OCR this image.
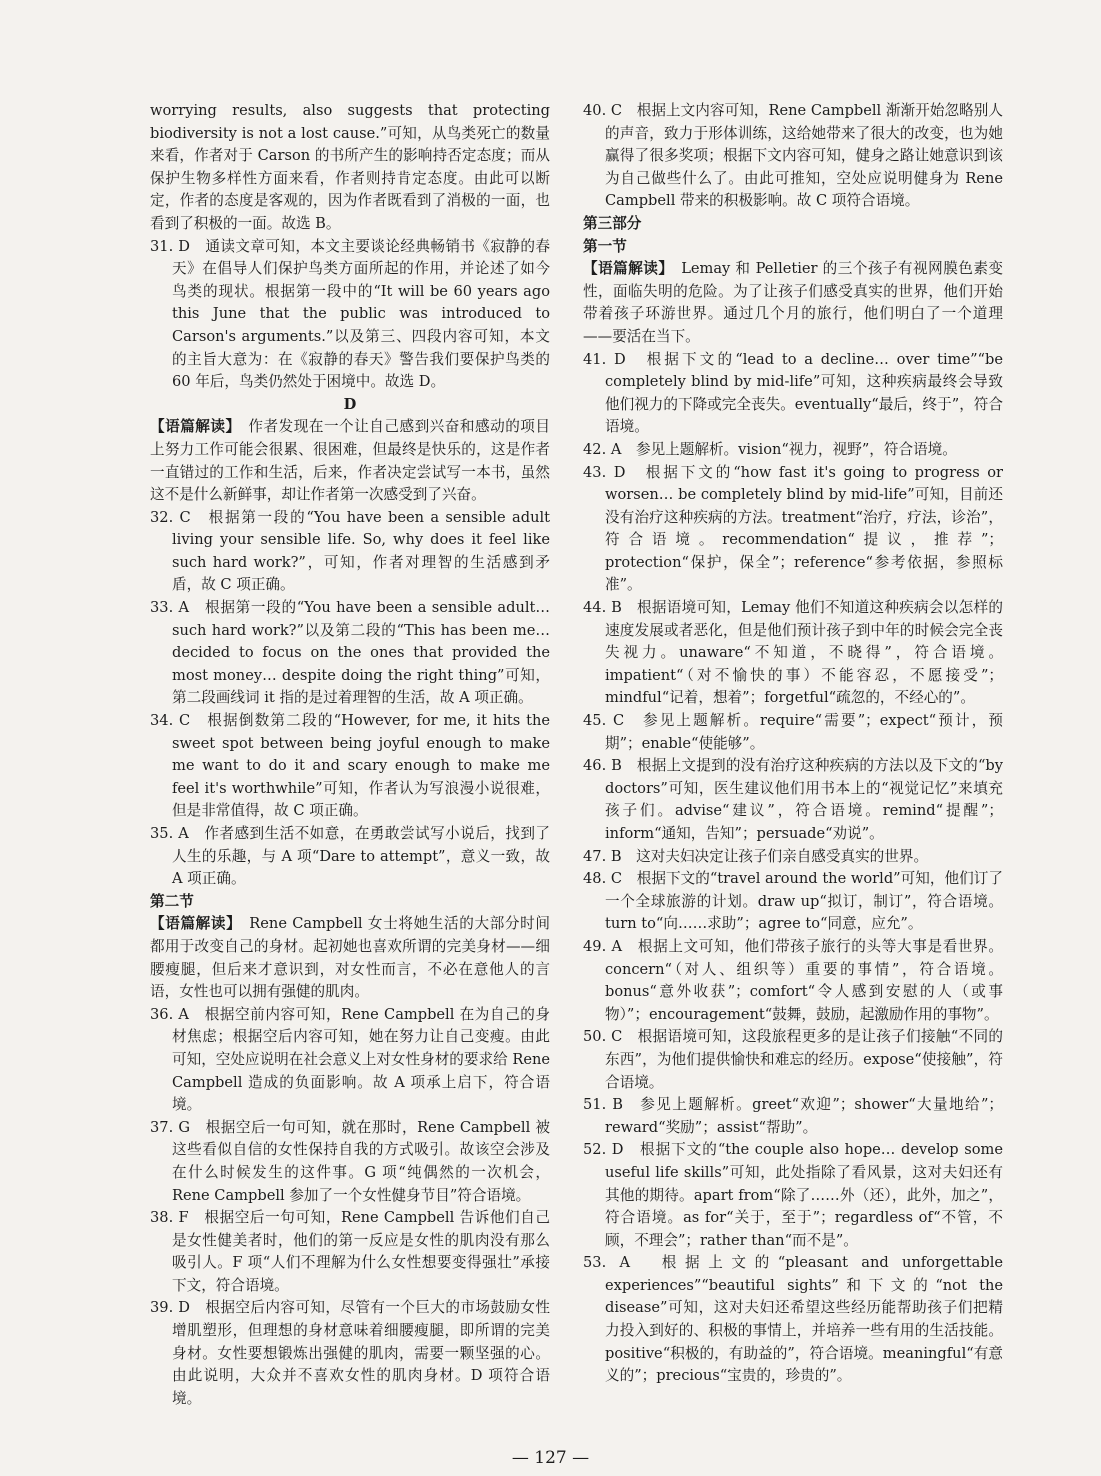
worrying results, also suggests that protecting biodiversity is not a lost cause.”可知，从鸟类死亡的数量来看，作者对于 Carson 的书所产生的影响持否定态度；而从保护生物多样性方面来看，作者则持肯定态度。由此可以断定，作者的态度是客观的，因为作者既看到了消极的一面，也看到了积极的一面。故选 B。

31. D　通读文章可知，本文主要谈论经典畅销书《寂静的春天》在倡导人们保护鸟类方面所起的作用，并论述了如今鸟类的现状。根据第一段中的“It will be 60 years ago this June that the public was introduced to Carson's arguments.”以及第三、四段内容可知，本文的主旨大意为：在《寂静的春天》警告我们要保护鸟类的 60 年后，鸟类仍然处于困境中。故选 D。

D

【语篇解读】　作者发现在一个让自己感到兴奋和感动的项目上努力工作可能会很累、很困难，但最终是快乐的，这是作者一直错过的工作和生活，后来，作者决定尝试写一本书，虽然这不是什么新鲜事，却让作者第一次感受到了兴奋。

32. C　根据第一段的“You have been a sensible adult living your sensible life. So, why does it feel like such hard work?”，可知，作者对理智的生活感到矛盾，故 C 项正确。

33. A　根据第一段的“You have been a sensible adult… such hard work?”以及第二段的“This has been me… decided to focus on the ones that provided the most money… despite doing the right thing”可知，第二段画线词 it 指的是过着理智的生活，故 A 项正确。

34. C　根据倒数第二段的“However, for me, it hits the sweet spot between being joyful enough to make me want to do it and scary enough to make me feel it's worthwhile”可知，作者认为写浪漫小说很难，但是非常值得，故 C 项正确。

35. A　作者感到生活不如意，在勇敢尝试写小说后，找到了人生的乐趣，与 A 项“Dare to attempt”，意义一致，故 A 项正确。

第二节

【语篇解读】　Rene Campbell 女士将她生活的大部分时间都用于改变自己的身材。起初她也喜欢所谓的完美身材——细腰瘦腿，但后来才意识到，对女性而言，不必在意他人的言语，女性也可以拥有强健的肌肉。

36. A　根据空前内容可知，Rene Campbell 在为自己的身材焦虑；根据空后内容可知，她在努力让自己变瘦。由此可知，空处应说明在社会意义上对女性身材的要求给 Rene Campbell 造成的负面影响。故 A 项承上启下，符合语境。

37. G　根据空后一句可知，就在那时，Rene Campbell 被这些看似自信的女性保持自我的方式吸引。故该空会涉及在什么时候发生的这件事。G 项“纯偶然的一次机会，Rene Campbell 参加了一个女性健身节目”符合语境。

38. F　根据空后一句可知，Rene Campbell 告诉他们自己是女性健美者时，他们的第一反应是女性的肌肉没有那么吸引人。F 项“人们不理解为什么女性想要变得强壮”承接下文，符合语境。

39. D　根据空后内容可知，尽管有一个巨大的市场鼓励女性增肌塑形，但理想的身材意味着细腰瘦腿，即所谓的完美身材。女性要想锻炼出强健的肌肉，需要一颗坚强的心。由此说明，大众并不喜欢女性的肌肉身材。D 项符合语境。

40. C　根据上文内容可知，Rene Campbell 渐渐开始忽略别人的声音，致力于形体训练，这给她带来了很大的改变，也为她赢得了很多奖项；根据下文内容可知，健身之路让她意识到该为自己做些什么了。由此可推知，空处应说明健身为 Rene Campbell 带来的积极影响。故 C 项符合语境。

第三部分

第一节

【语篇解读】　Lemay 和 Pelletier 的三个孩子有视网膜色素变性，面临失明的危险。为了让孩子们感受真实的世界，他们开始带着孩子环游世界。通过几个月的旅行，他们明白了一个道理——要活在当下。

41. D　根据下文的“lead to a decline… over time”“be completely blind by mid-life”可知，这种疾病最终会导致他们视力的下降或完全丧失。eventually“最后，终于”，符合语境。

42. A　参见上题解析。vision“视力，视野”，符合语境。

43. D　根据下文的“how fast it's going to progress or worsen… be completely blind by mid-life”可知，目前还没有治疗这种疾病的方法。treatment“治疗，疗法，诊治”，符合语境。recommendation“提议，推荐”；protection“保护，保全”；reference“参考依据，参照标准”。

44. B　根据语境可知，Lemay 他们不知道这种疾病会以怎样的速度发展或者恶化，但是他们预计孩子到中年的时候会完全丧失视力。unaware“不知道，不晓得”，符合语境。impatient“（对不愉快的事）不能容忍，不愿接受”；mindful“记着，想着”；forgetful“疏忽的，不经心的”。

45. C　参见上题解析。require“需要”；expect“预计，预期”；enable“使能够”。

46. B　根据上文提到的没有治疗这种疾病的方法以及下文的“by doctors”可知，医生建议他们用书本上的“视觉记忆”来填充孩子们。advise“建议”，符合语境。remind“提醒”；inform“通知，告知”；persuade“劝说”。

47. B　这对夫妇决定让孩子们亲自感受真实的世界。

48. C　根据下文的“travel around the world”可知，他们订了一个全球旅游的计划。draw up“拟订，制订”，符合语境。turn to“向……求助”；agree to“同意，应允”。

49. A　根据上文可知，他们带孩子旅行的头等大事是看世界。concern“（对人、组织等）重要的事情”，符合语境。bonus“意外收获”；comfort“令人感到安慰的人（或事物）”；encouragement“鼓舞，鼓励，起激励作用的事物”。

50. C　根据语境可知，这段旅程更多的是让孩子们接触“不同的东西”，为他们提供愉快和难忘的经历。expose“使接触”，符合语境。

51. B　参见上题解析。greet“欢迎”；shower“大量地给”；reward“奖励”；assist“帮助”。

52. D　根据下文的“the couple also hope… develop some useful life skills”可知，此处指除了看风景，这对夫妇还有其他的期待。apart from“除了……外（还），此外，加之”，符合语境。as for“关于，至于”；regardless of“不管，不顾，不理会”；rather than“而不是”。

53. A　根据上文的“pleasant and unforgettable experiences”“beautiful sights”和下文的“not the disease”可知，这对夫妇还希望这些经历能帮助孩子们把精力投入到好的、积极的事情上，并培养一些有用的生活技能。positive“积极的，有助益的”，符合语境。meaningful“有意义的”；precious“宝贵的，珍贵的”。

— 127 —
